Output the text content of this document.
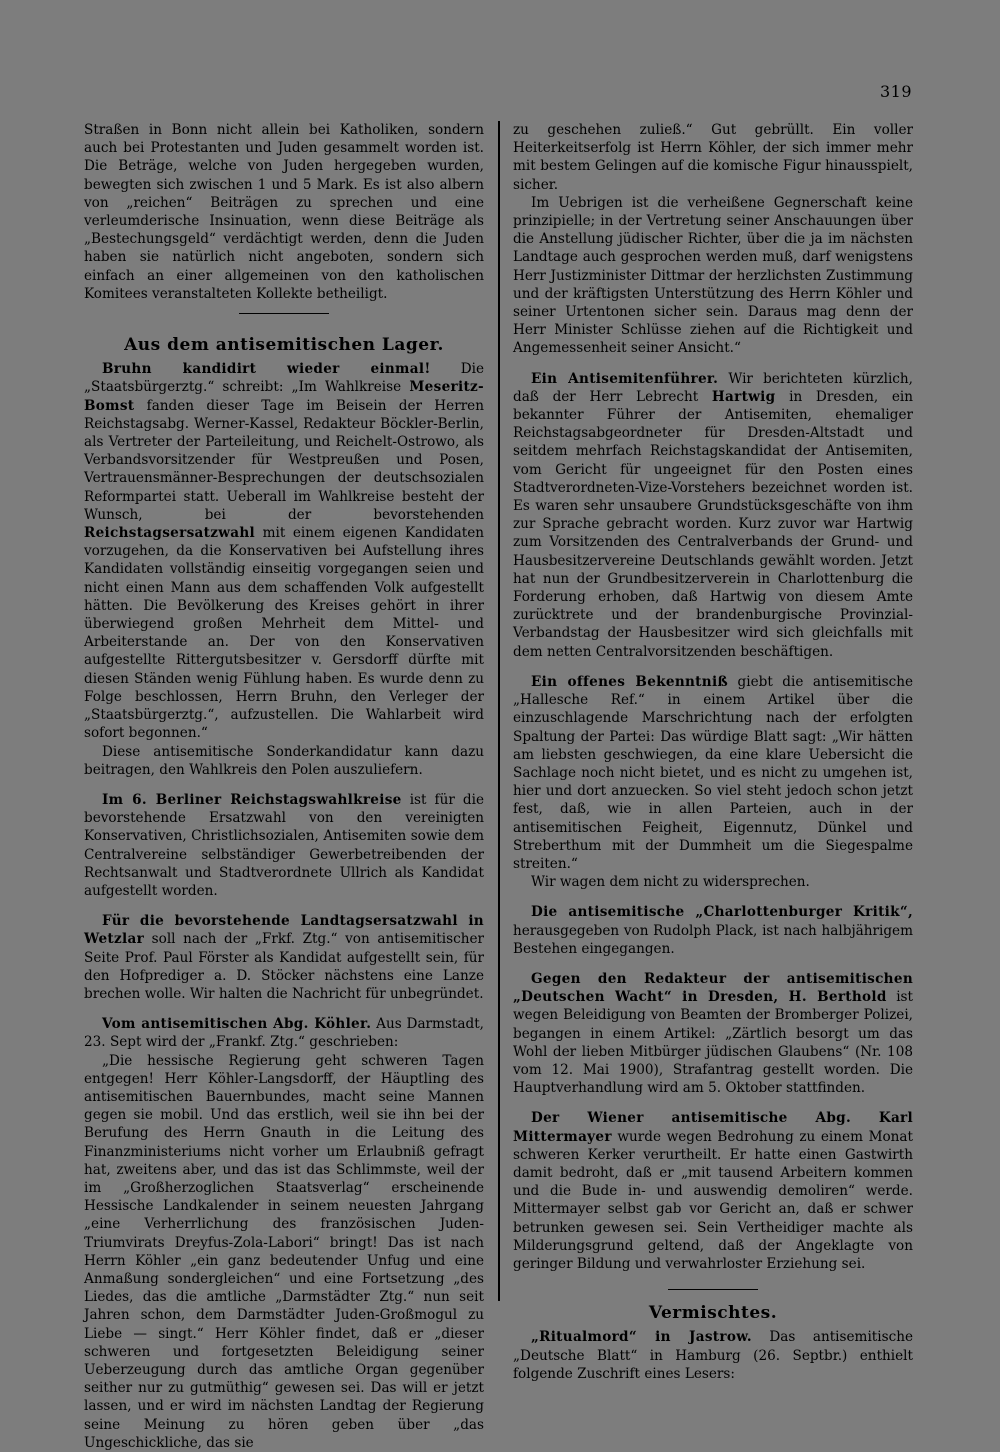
319

Straßen in Bonn nicht allein bei Katholiken, sondern auch bei Protestanten und Juden gesammelt worden ist. Die Beträge, welche von Juden hergegeben wurden, bewegten sich zwischen 1 und 5 Mark. Es ist also albern von „reichen“ Beiträgen zu sprechen und eine verleumderische Insinuation, wenn diese Beiträge als „Bestechungsgeld“ verdächtigt werden, denn die Juden haben sie natürlich nicht angeboten, sondern sich einfach an einer allgemeinen von den katholischen Komitees veranstalteten Kollekte betheiligt.

Aus dem antisemitischen Lager.

Bruhn kandidirt wieder einmal! Die „Staatsbürgerztg.“ schreibt: „Im Wahlkreise Meseritz-Bomst fanden dieser Tage im Beisein der Herren Reichstagsabg. Werner-Kassel, Redakteur Böckler-Berlin, als Vertreter der Parteileitung, und Reichelt-Ostrowo, als Verbandsvorsitzender für Westpreußen und Posen, Vertrauensmänner-Besprechungen der deutschsozialen Reformpartei statt. Ueberall im Wahlkreise besteht der Wunsch, bei der bevorstehenden Reichstagsersatzwahl mit einem eigenen Kandidaten vorzugehen, da die Konservativen bei Aufstellung ihres Kandidaten vollständig einseitig vorgegangen seien und nicht einen Mann aus dem schaffenden Volk aufgestellt hätten. Die Bevölkerung des Kreises gehört in ihrer überwiegend großen Mehrheit dem Mittel- und Arbeiterstande an. Der von den Konservativen aufgestellte Rittergutsbesitzer v. Gersdorff dürfte mit diesen Ständen wenig Fühlung haben. Es wurde denn zu Folge beschlossen, Herrn Bruhn, den Verleger der „Staatsbürgerztg.“, aufzustellen. Die Wahlarbeit wird sofort begonnen.“

Diese antisemitische Sonderkandidatur kann dazu beitragen, den Wahlkreis den Polen auszuliefern.

Im 6. Berliner Reichstagswahlkreise ist für die bevorstehende Ersatzwahl von den vereinigten Konservativen, Christlichsozialen, Antisemiten sowie dem Centralvereine selbständiger Gewerbetreibenden der Rechtsanwalt und Stadtverordnete Ullrich als Kandidat aufgestellt worden.

Für die bevorstehende Landtagsersatzwahl in Wetzlar soll nach der „Frkf. Ztg.“ von antisemitischer Seite Prof. Paul Förster als Kandidat aufgestellt sein, für den Hofprediger a. D. Stöcker nächstens eine Lanze brechen wolle. Wir halten die Nachricht für unbegründet.

Vom antisemitischen Abg. Köhler. Aus Darmstadt, 23. Sept wird der „Frankf. Ztg.“ geschrieben:

„Die hessische Regierung geht schweren Tagen entgegen! Herr Köhler-Langsdorff, der Häuptling des antisemitischen Bauernbundes, macht seine Mannen gegen sie mobil. Und das erstlich, weil sie ihn bei der Berufung des Herrn Gnauth in die Leitung des Finanzministeriums nicht vorher um Erlaubniß gefragt hat, zweitens aber, und das ist das Schlimmste, weil der im „Großherzoglichen Staatsverlag“ erscheinende Hessische Landkalender in seinem neuesten Jahrgang „eine Verherrlichung des französischen Juden-Triumvirats Dreyfus-Zola-Labori“ bringt! Das ist nach Herrn Köhler „ein ganz bedeutender Unfug und eine Anmaßung sondergleichen“ und eine Fortsetzung „des Liedes, das die amtliche „Darmstädter Ztg.“ nun seit Jahren schon, dem Darmstädter Juden-Großmogul zu Liebe — singt.“ Herr Köhler findet, daß er „dieser schweren und fortgesetzten Beleidigung seiner Ueberzeugung durch das amtliche Organ gegenüber seither nur zu gutmüthig“ gewesen sei. Das will er jetzt lassen, und er wird im nächsten Landtag der Regierung seine Meinung zu hören geben über „das Ungeschickliche, das sie

zu geschehen zuließ.“ Gut gebrüllt. Ein voller Heiterkeitserfolg ist Herrn Köhler, der sich immer mehr mit bestem Gelingen auf die komische Figur hinausspielt, sicher.

Im Uebrigen ist die verheißene Gegnerschaft keine prinzipielle; in der Vertretung seiner Anschauungen über die Anstellung jüdischer Richter, über die ja im nächsten Landtage auch gesprochen werden muß, darf wenigstens Herr Justizminister Dittmar der herzlichsten Zustimmung und der kräftigsten Unterstützung des Herrn Köhler und seiner Urtentonen sicher sein. Daraus mag denn der Herr Minister Schlüsse ziehen auf die Richtigkeit und Angemessenheit seiner Ansicht.“

Ein Antisemitenführer. Wir berichteten kürzlich, daß der Herr Lebrecht Hartwig in Dresden, ein bekannter Führer der Antisemiten, ehemaliger Reichstagsabgeordneter für Dresden-Altstadt und seitdem mehrfach Reichstagskandidat der Antisemiten, vom Gericht für ungeeignet für den Posten eines Stadtverordneten-Vize-Vorstehers bezeichnet worden ist. Es waren sehr unsaubere Grundstücksgeschäfte von ihm zur Sprache gebracht worden. Kurz zuvor war Hartwig zum Vorsitzenden des Centralverbands der Grund- und Hausbesitzervereine Deutschlands gewählt worden. Jetzt hat nun der Grundbesitzerverein in Charlottenburg die Forderung erhoben, daß Hartwig von diesem Amte zurücktrete und der brandenburgische Provinzial-Verbandstag der Hausbesitzer wird sich gleichfalls mit dem netten Centralvorsitzenden beschäftigen.

Ein offenes Bekenntniß giebt die antisemitische „Hallesche Ref.“ in einem Artikel über die einzuschlagende Marschrichtung nach der erfolgten Spaltung der Partei: Das würdige Blatt sagt: „Wir hätten am liebsten geschwiegen, da eine klare Uebersicht die Sachlage noch nicht bietet, und es nicht zu umgehen ist, hier und dort anzuecken. So viel steht jedoch schon jetzt fest, daß, wie in allen Parteien, auch in der antisemitischen Feigheit, Eigennutz, Dünkel und Streberthum mit der Dummheit um die Siegespalme streiten.“

Wir wagen dem nicht zu widersprechen.

Die antisemitische „Charlottenburger Kritik“, herausgegeben von Rudolph Plack, ist nach halbjährigem Bestehen eingegangen.

Gegen den Redakteur der antisemitischen „Deutschen Wacht“ in Dresden, H. Berthold ist wegen Beleidigung von Beamten der Bromberger Polizei, begangen in einem Artikel: „Zärtlich besorgt um das Wohl der lieben Mitbürger jüdischen Glaubens“ (Nr. 108 vom 12. Mai 1900), Strafantrag gestellt worden. Die Hauptverhandlung wird am 5. Oktober stattfinden.

Der Wiener antisemitische Abg. Karl Mittermayer wurde wegen Bedrohung zu einem Monat schweren Kerker verurtheilt. Er hatte einen Gastwirth damit bedroht, daß er „mit tausend Arbeitern kommen und die Bude in- und auswendig demoliren“ werde. Mittermayer selbst gab vor Gericht an, daß er schwer betrunken gewesen sei. Sein Vertheidiger machte als Milderungsgrund geltend, daß der Angeklagte von geringer Bildung und verwahrloster Erziehung sei.

Vermischtes.

„Ritualmord“ in Jastrow. Das antisemitische „Deutsche Blatt“ in Hamburg (26. Septbr.) enthielt folgende Zuschrift eines Lesers:
